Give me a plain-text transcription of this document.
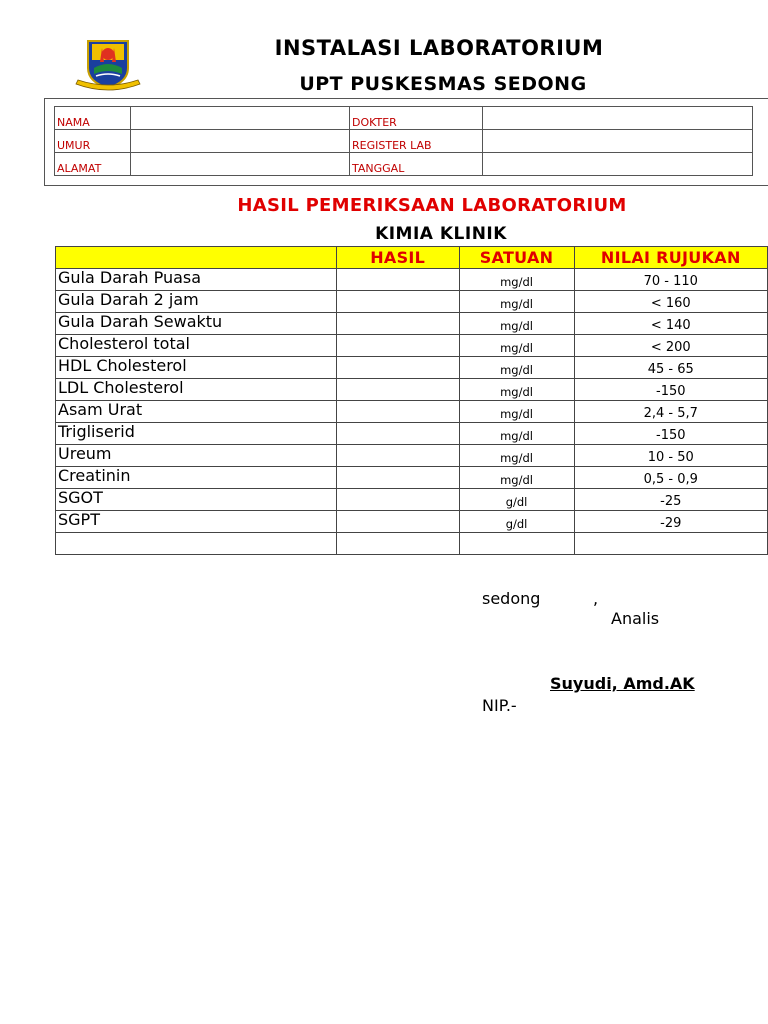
INSTALASI LABORATORIUM
UPT PUSKESMAS SEDONG
NAMA		DOKTER	
UMUR		REGISTER LAB	
ALAMAT		TANGGAL	
HASIL PEMERIKSAAN LABORATORIUM
KIMIA KLINIK
	HASIL	SATUAN	NILAI RUJUKAN
Gula Darah Puasa		mg/dl	70 - 110
Gula Darah 2 jam		mg/dl	< 160
Gula Darah Sewaktu		mg/dl	< 140
Cholesterol total		mg/dl	< 200
HDL Cholesterol		mg/dl	45 - 65
LDL Cholesterol		mg/dl	-150
Asam Urat		mg/dl	2,4 - 5,7
Trigliserid		mg/dl	-150
Ureum		mg/dl	10 - 50
Creatinin		mg/dl	0,5 - 0,9
SGOT		g/dl	-25
SGPT		g/dl	-29

sedong	,
Analis
Suyudi, Amd.AK
NIP.-
